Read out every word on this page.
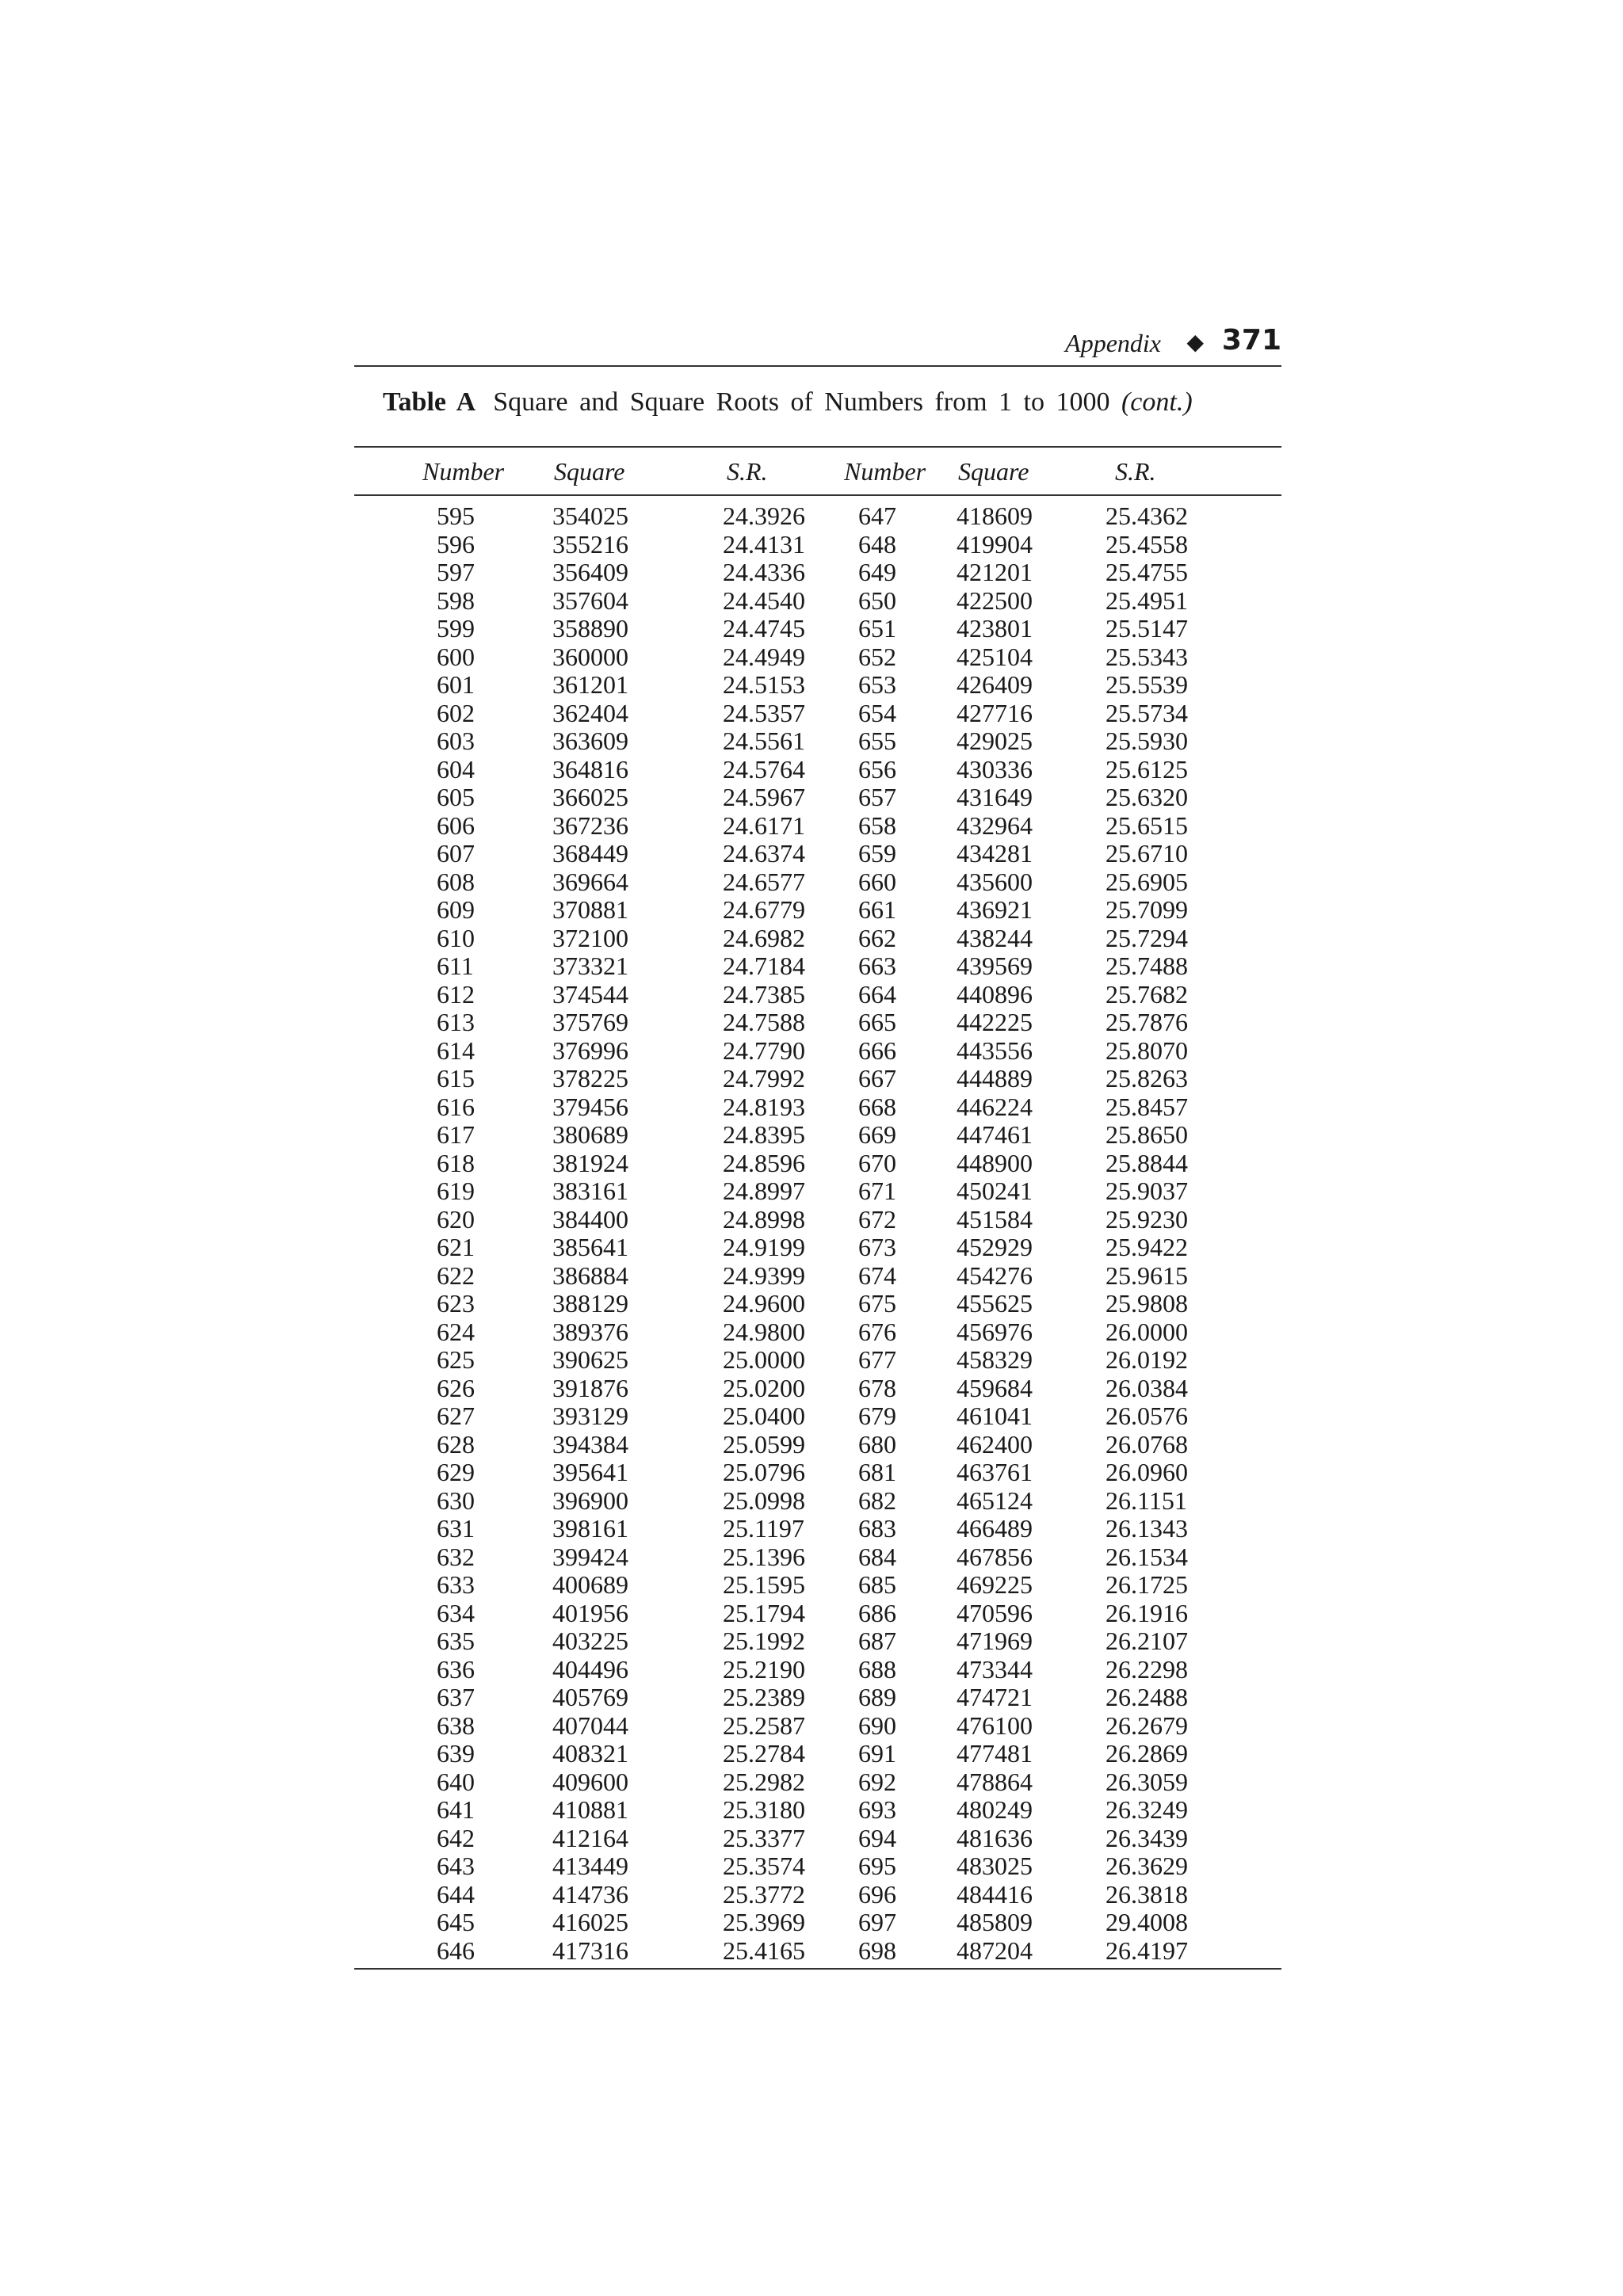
Appendix ◆ 371
Table A Square and Square Roots of Numbers from 1 to 1000 (cont.)
Number Square	S.R.	Number Square	S.R.
595	354025	24.3926 647 418609	25.4362
596	355216	24.4131 648 419904	25.4558
597	356409	24.4336 649 421201	25.4755
598	357604	24.4540 650 422500	25.4951
599	358890	24.4745 651 423801	25.5147
600	360000	24.4949 652 425104	25.5343
601	361201	24.5153 653 426409	25.5539
602	362404	24.5357 654 427716	25.5734
603	363609	24.5561 655 429025	25.5930
604	364816	24.5764 656 430336	25.6125
605	366025	24.5967 657 431649	25.6320
606	367236	24.6171 658 432964	25.6515
607	368449	24.6374 659 434281	25.6710
608	369664	24.6577 660 435600	25.6905
609	370881	24.6779 661 436921	25.7099
610	372100	24.6982 662 438244	25.7294
611	373321	24.7184 663 439569	25.7488
612	374544	24.7385 664 440896	25.7682
613	375769	24.7588 665 442225	25.7876
614	376996	24.7790 666 443556	25.8070
615	378225	24.7992 667 444889	25.8263
616	379456	24.8193 668 446224	25.8457
617	380689	24.8395 669 447461	25.8650
618	381924	24.8596 670 448900	25.8844
619	383161	24.8997 671 450241	25.9037
620	384400	24.8998 672 451584	25.9230
621	385641	24.9199 673 452929	25.9422
622	386884	24.9399 674 454276	25.9615
623	388129	24.9600 675 455625	25.9808
624	389376	24.9800 676 456976	26.0000
625	390625	25.0000 677 458329	26.0192
626	391876	25.0200 678 459684	26.0384
627	393129	25.0400 679 461041	26.0576
628	394384	25.0599 680 462400	26.0768
629	395641	25.0796 681 463761	26.0960
630	396900	25.0998 682 465124	26.1151
631	398161	25.1197 683 466489	26.1343
632	399424	25.1396 684 467856	26.1534
633	400689	25.1595 685 469225	26.1725
634	401956	25.1794 686 470596	26.1916
635	403225	25.1992 687 471969	26.2107
636	404496	25.2190 688 473344	26.2298
637	405769	25.2389 689 474721	26.2488
638	407044	25.2587 690 476100	26.2679
639	408321	25.2784 691 477481	26.2869
640	409600	25.2982 692 478864	26.3059
641	410881	25.3180 693 480249	26.3249
642	412164	25.3377 694 481636	26.3439
643	413449	25.3574 695 483025	26.3629
644	414736	25.3772 696 484416	26.3818
645	416025	25.3969 697 485809	29.4008
646	417316	25.4165 698 487204	26.4197
